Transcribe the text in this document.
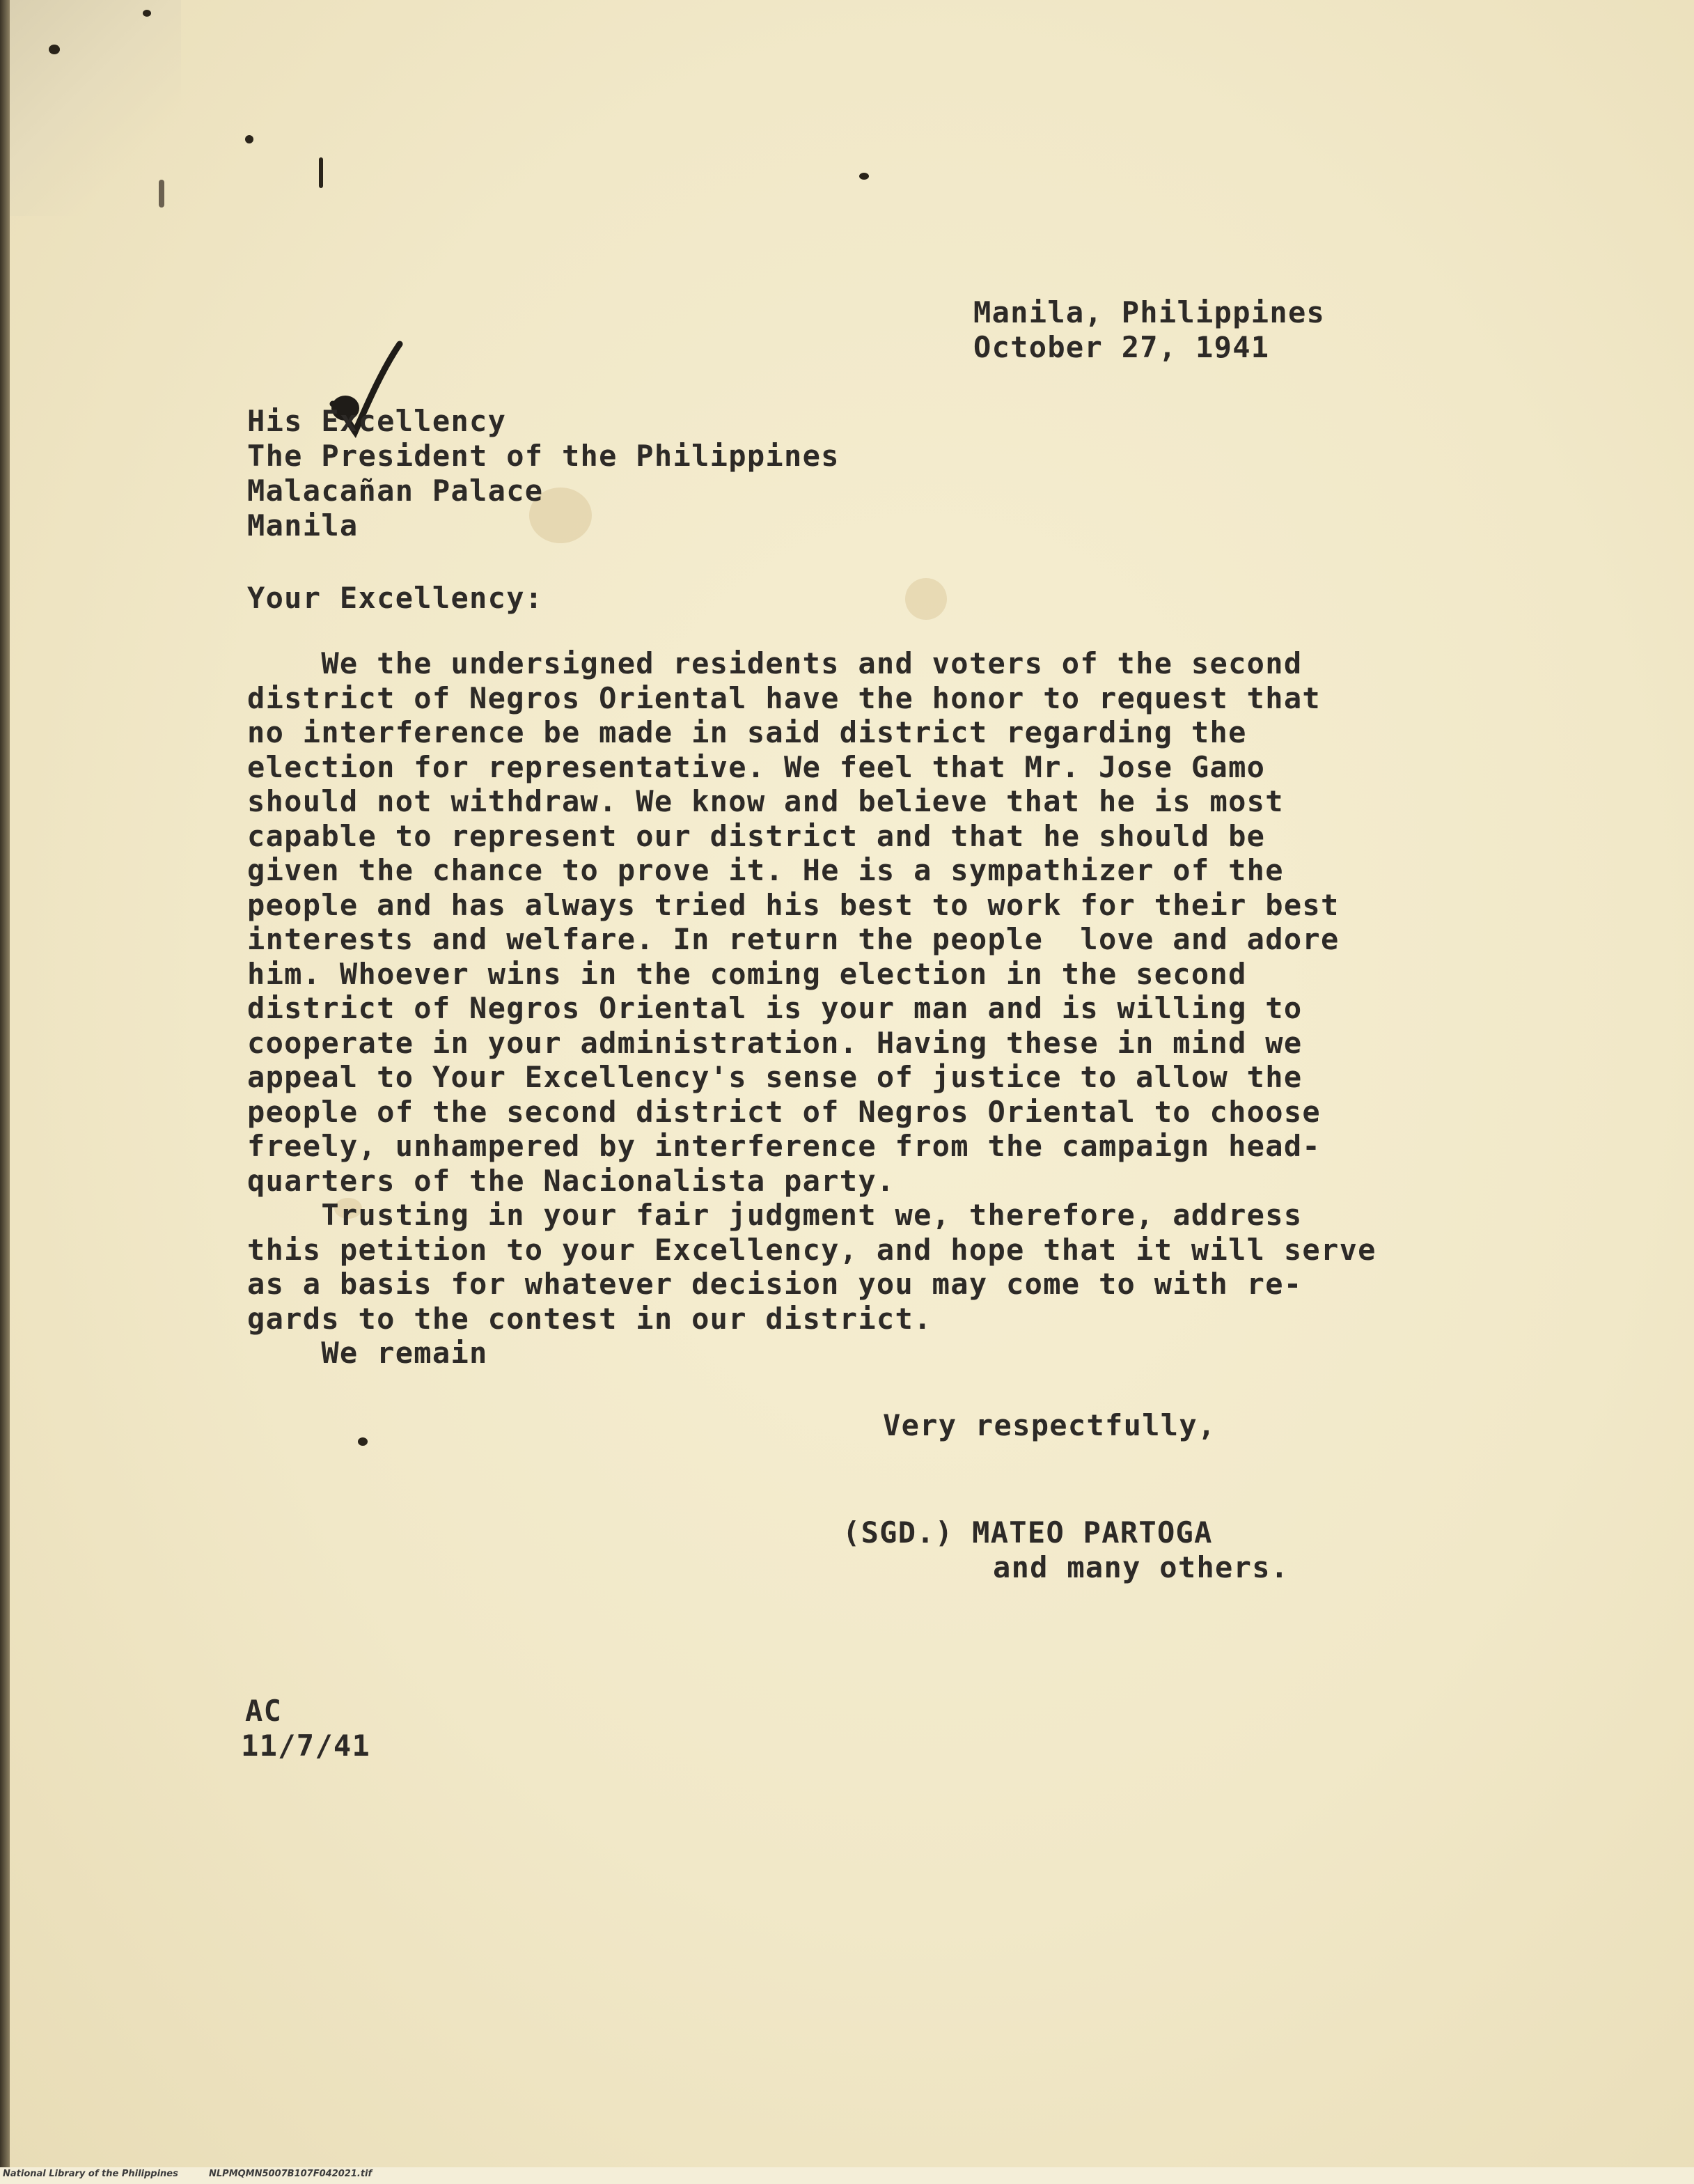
Manila, Philippines

October 27, 1941

His Excellency

The President of the Philippines

Malacañan Palace

Manila

Your Excellency:

We the undersigned residents and voters of the second
district of Negros Oriental have the honor to request that
no interference be made in said district regarding the
election for representative. We feel that Mr. Jose Gamo
should not withdraw. We know and believe that he is most
capable to represent our district and that he should be
given the chance to prove it. He is a sympathizer of the
people and has always tried his best to work for their best
interests and welfare. In return the people  love and adore
him. Whoever wins in the coming election in the second
district of Negros Oriental is your man and is willing to
cooperate in your administration. Having these in mind we
appeal to Your Excellency's sense of justice to allow the
people of the second district of Negros Oriental to choose
freely, unhampered by interference from the campaign head-
quarters of the Nacionalista party.
Trusting in your fair judgment we, therefore, address
this petition to your Excellency, and hope that it will serve
as a basis for whatever decision you may come to with re-
gards to the contest in our district.
We remain

Very respectfully,

(SGD.) MATEO PARTOGA

and many others.

AC

11/7/41

National Library of the Philippines	NLPMQMN5007B107F042021.tif
